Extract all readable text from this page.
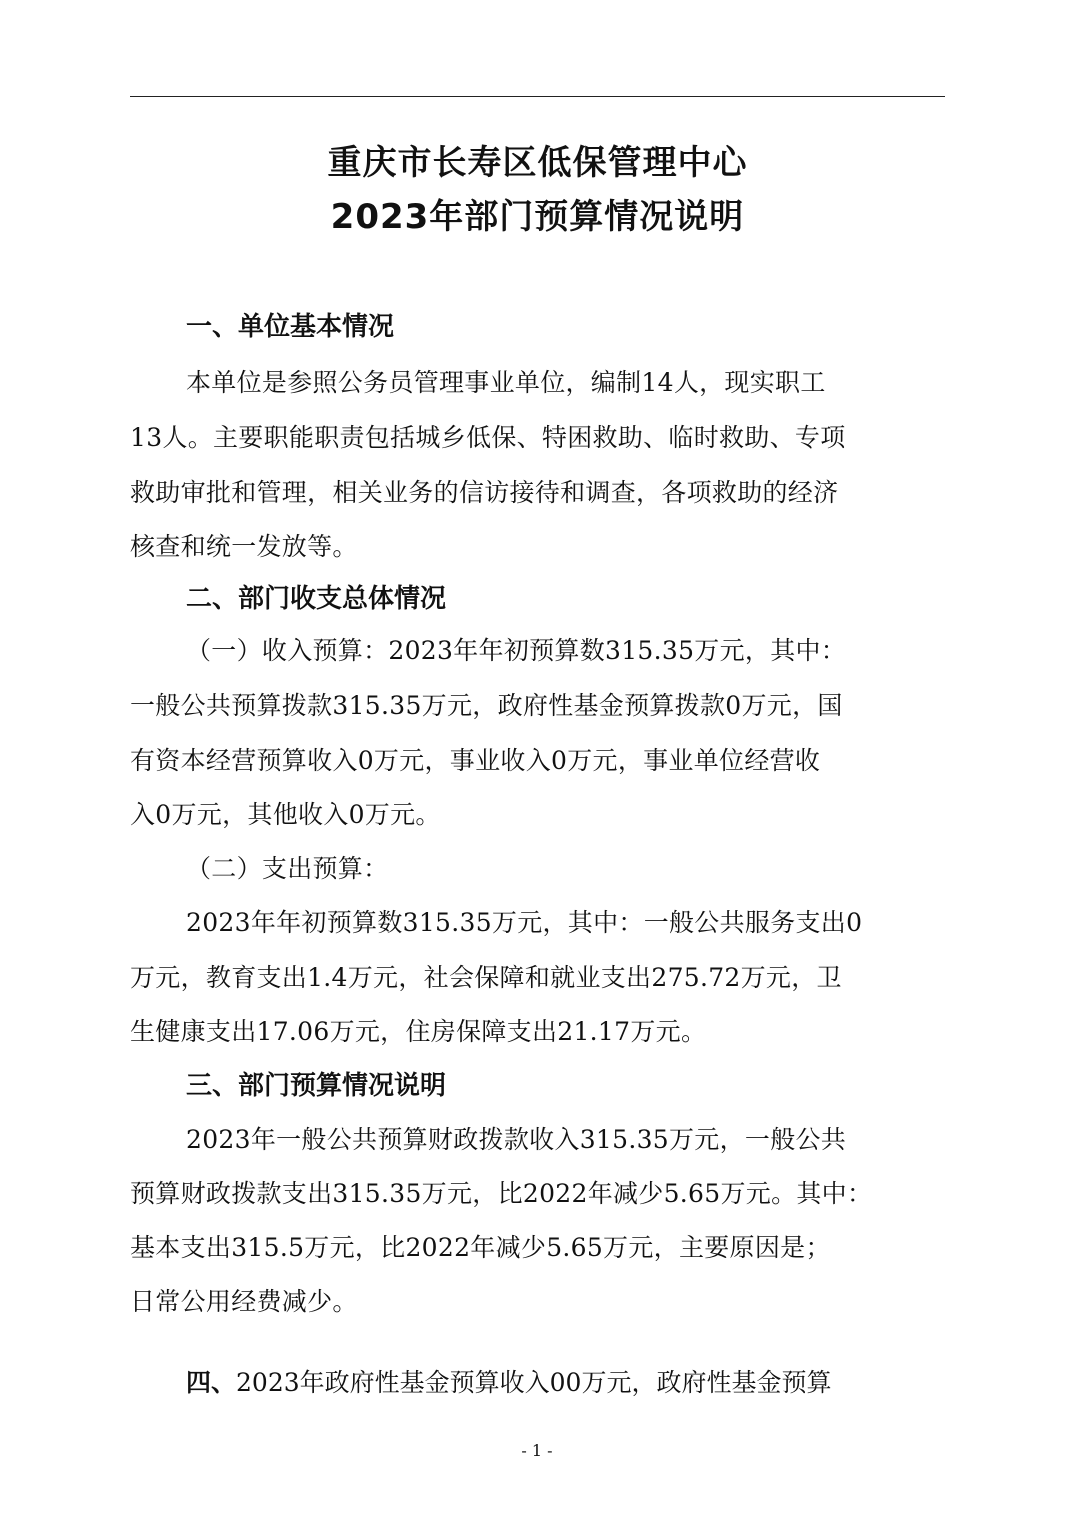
重庆市长寿区低保管理中心
2023年部门预算情况说明
一、单位基本情况

本单位是参照公务员管理事业单位，编制14人，现实职工

13人。主要职能职责包括城乡低保、特困救助、临时救助、专项

救助审批和管理，相关业务的信访接待和调查，各项救助的经济

核查和统一发放等。

二、部门收支总体情况

（一）收入预算：2023年年初预算数315.35万元，其中：

一般公共预算拨款315.35万元，政府性基金预算拨款0万元，国

有资本经营预算收入0万元，事业收入0万元，事业单位经营收

入0万元，其他收入0万元。

（二）支出预算：

2023年年初预算数315.35万元，其中：一般公共服务支出0

万元，教育支出1.4万元，社会保障和就业支出275.72万元，卫

生健康支出17.06万元，住房保障支出21.17万元。

三、部门预算情况说明

2023年一般公共预算财政拨款收入315.35万元，一般公共

预算财政拨款支出315.35万元，比2022年减少5.65万元。其中：

基本支出315.5万元，比2022年减少5.65万元，主要原因是；

日常公用经费减少。

四、2023年政府性基金预算收入00万元，政府性基金预算

- 1 -
